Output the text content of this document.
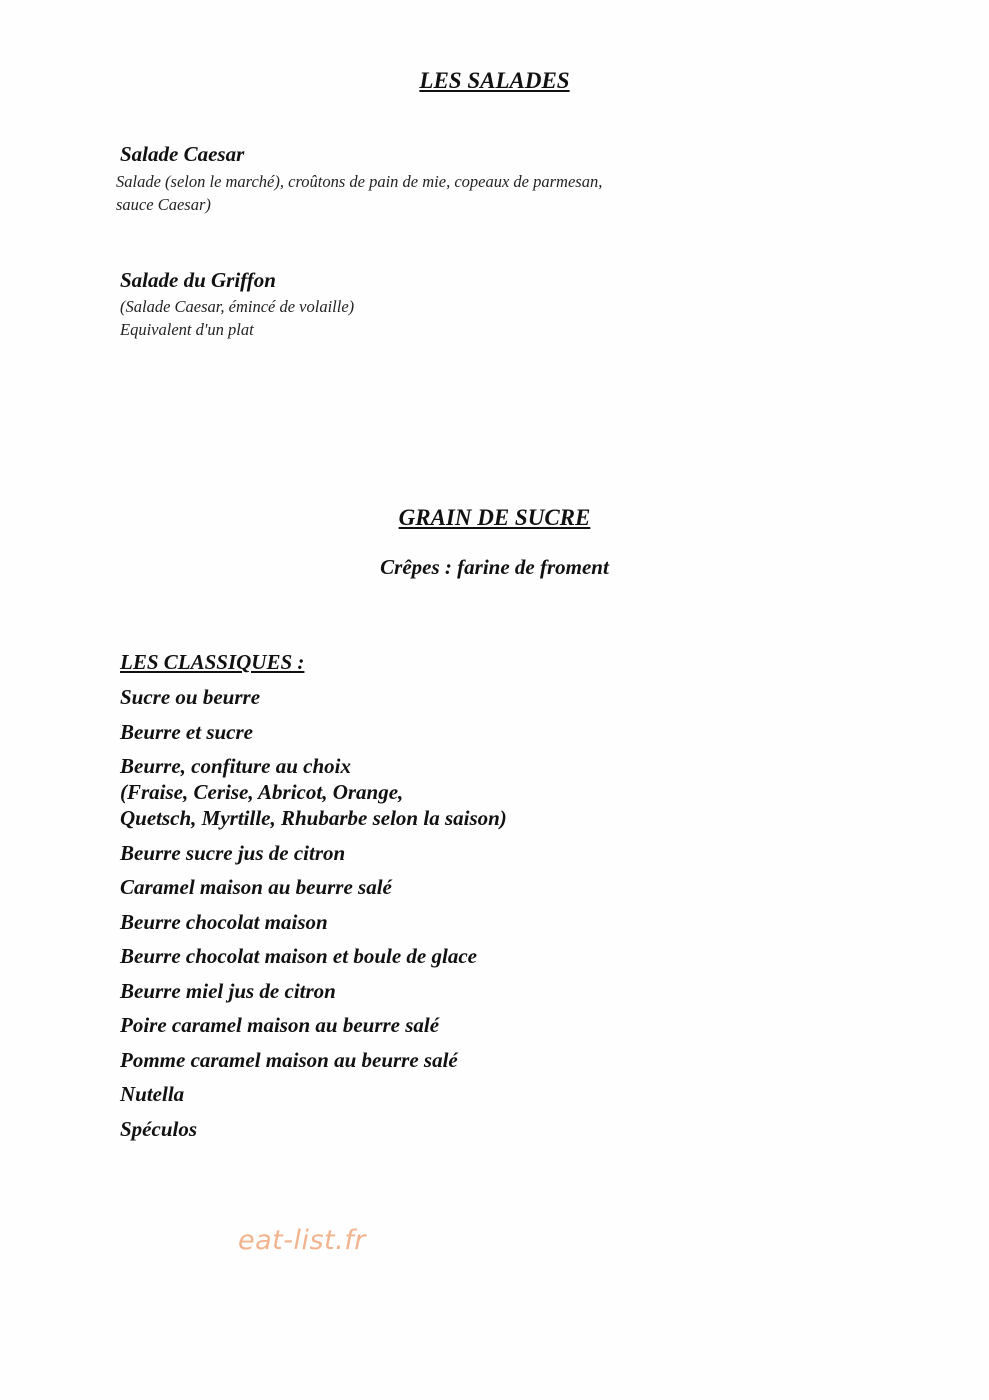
LES SALADES
Salade Caesar
Salade (selon le marché), croûtons de pain de mie, copeaux de parmesan,
sauce Caesar)
Salade du Griffon
(Salade Caesar, émincé de volaille)
Equivalent d'un plat
GRAIN DE SUCRE
Crêpes : farine de froment
LES CLASSIQUES :
Sucre ou beurre
Beurre et sucre
Beurre, confiture au choix
(Fraise, Cerise, Abricot, Orange,
Quetsch, Myrtille, Rhubarbe selon la saison)
Beurre sucre jus de citron
Caramel maison au beurre salé
Beurre chocolat maison
Beurre chocolat maison et boule de glace
Beurre miel jus de citron
Poire caramel maison au beurre salé
Pomme caramel maison au beurre salé
Nutella
Spéculos
eat-list.fr
